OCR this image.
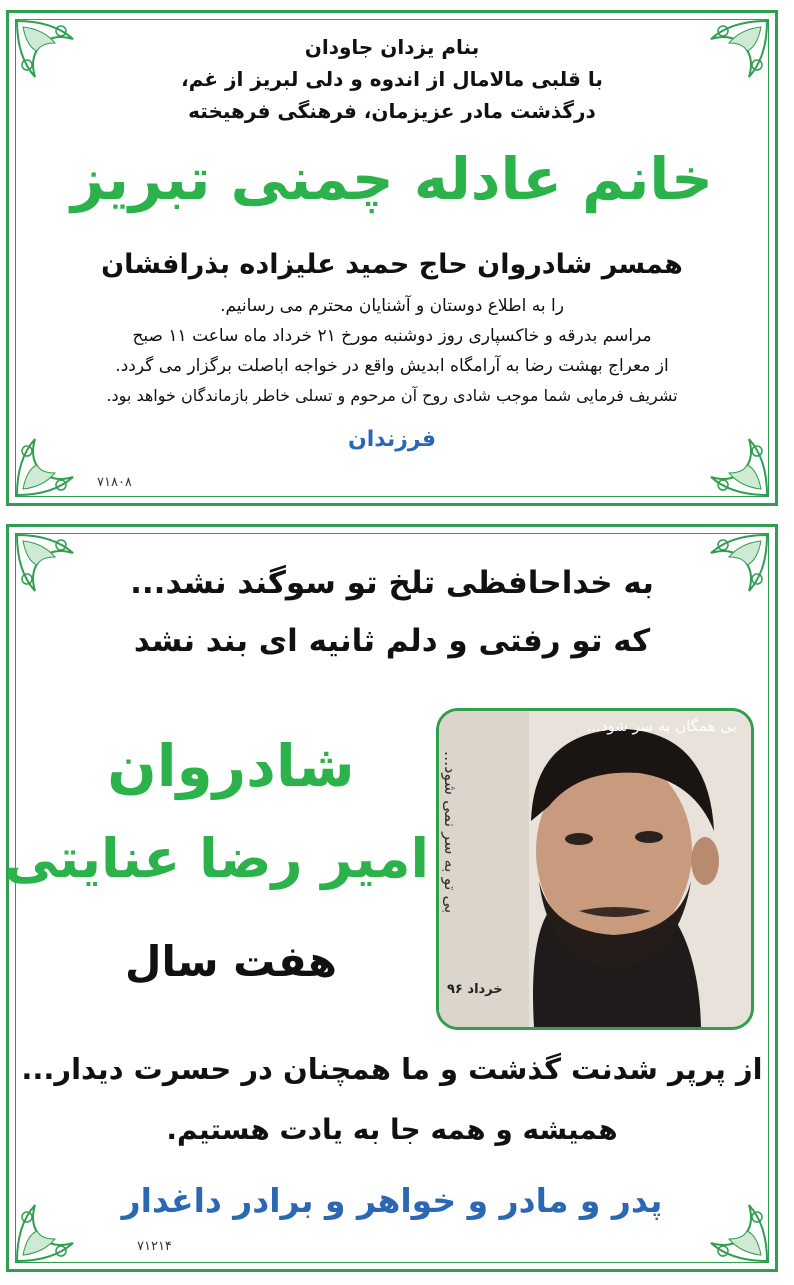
بنام یزدان جاودان
با قلبی مالامال از اندوه و دلی لبریز از غم،
درگذشت مادر عزیزمان، فرهنگی فرهیخته
خانم عادله چمنی تبریز
همسر شادروان حاج حمید علیزاده بذرافشان
را به اطلاع دوستان و آشنایان محترم می رسانیم.
مراسم بدرقه و خاکسپاری روز دوشنبه مورخ ۲۱ خرداد ماه ساعت ۱۱ صبح
از معراج بهشت رضا به آرامگاه ابدیش واقع در خواجه اباصلت برگزار می گردد.
تشریف فرمایی شما موجب شادی روح آن مرحوم و تسلی خاطر بازماندگان خواهد بود.
فرزندان
۷۱۸۰۸
به خداحافظی تلخ تو سوگند نشد...
که تو رفتی و دلم ثانیه ای بند نشد
شادروان
امیر رضا عنایتی
هفت سال
بی همگان به سر شود...
بی تو به سر نمی شود...
خرداد ۹۶
از پرپر شدنت گذشت و ما همچنان در حسرت دیدار...
همیشه و همه جا به یادت هستیم.
پدر و مادر و خواهر و برادر داغدار
۷۱۲۱۴
